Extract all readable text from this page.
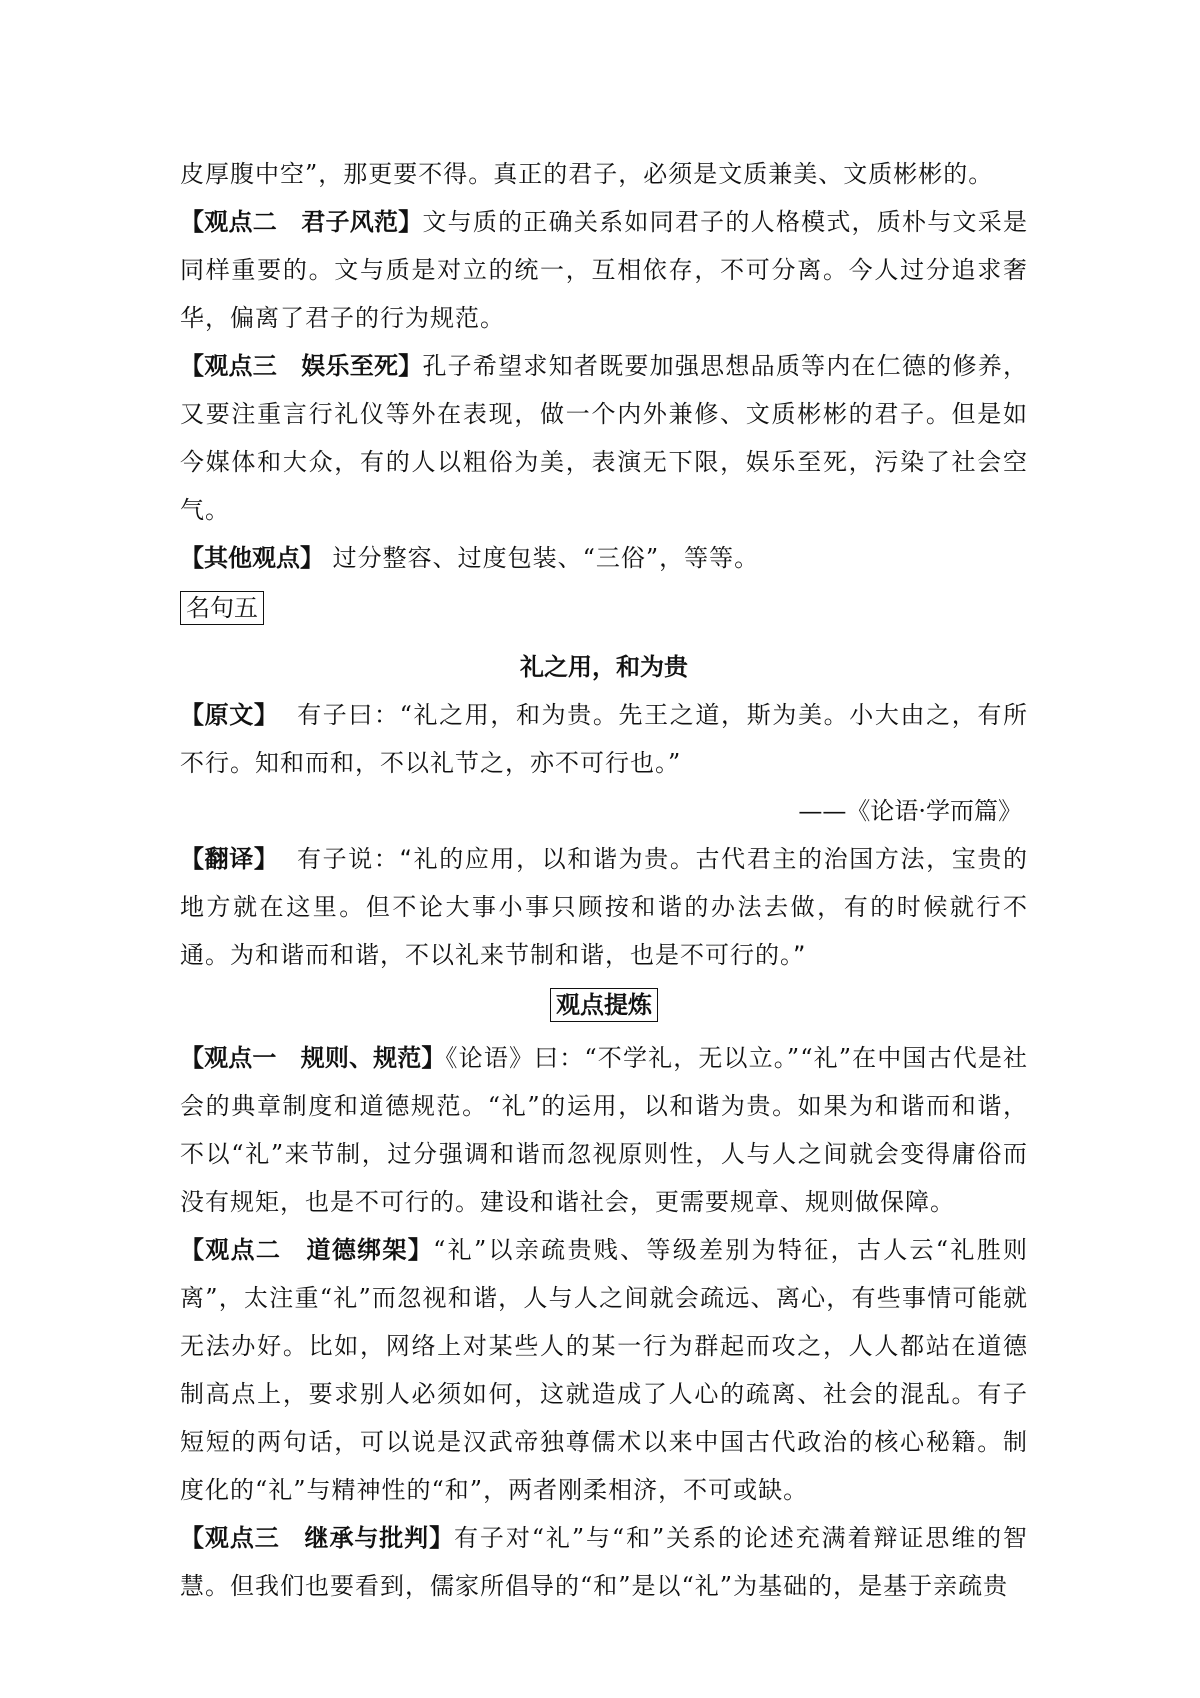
皮厚腹中空”，那更要不得。真正的君子，必须是文质兼美、文质彬彬的。

【观点二　君子风范】文与质的正确关系如同君子的人格模式，质朴与文采是同样重要的。文与质是对立的统一，互相依存，不可分离。今人过分追求奢华，偏离了君子的行为规范。

【观点三　娱乐至死】孔子希望求知者既要加强思想品质等内在仁德的修养，又要注重言行礼仪等外在表现，做一个内外兼修、文质彬彬的君子。但是如今媒体和大众，有的人以粗俗为美，表演无下限，娱乐至死，污染了社会空气。

【其他观点】 过分整容、过度包装、“三俗”，等等。

名句五
礼之用，和为贵

【原文】 有子曰：“礼之用，和为贵。先王之道，斯为美。小大由之，有所不行。知和而和，不以礼节之，亦不可行也。”

——《论语·学而篇》

【翻译】 有子说：“礼的应用，以和谐为贵。古代君主的治国方法，宝贵的地方就在这里。但不论大事小事只顾按和谐的办法去做，有的时候就行不通。为和谐而和谐，不以礼来节制和谐，也是不可行的。”

观点提炼

【观点一　规则、规范】《论语》曰：“不学礼，无以立。”“礼”在中国古代是社会的典章制度和道德规范。“礼”的运用，以和谐为贵。如果为和谐而和谐，不以“礼”来节制，过分强调和谐而忽视原则性，人与人之间就会变得庸俗而没有规矩，也是不可行的。建设和谐社会，更需要规章、规则做保障。

【观点二　道德绑架】“礼”以亲疏贵贱、等级差别为特征，古人云“礼胜则离”，太注重“礼”而忽视和谐，人与人之间就会疏远、离心，有些事情可能就无法办好。比如，网络上对某些人的某一行为群起而攻之，人人都站在道德制高点上，要求别人必须如何，这就造成了人心的疏离、社会的混乱。有子短短的两句话，可以说是汉武帝独尊儒术以来中国古代政治的核心秘籍。制度化的“礼”与精神性的“和”，两者刚柔相济，不可或缺。

【观点三　继承与批判】有子对“礼”与“和”关系的论述充满着辩证思维的智慧。但我们也要看到，儒家所倡导的“和”是以“礼”为基础的，是基于亲疏贵
